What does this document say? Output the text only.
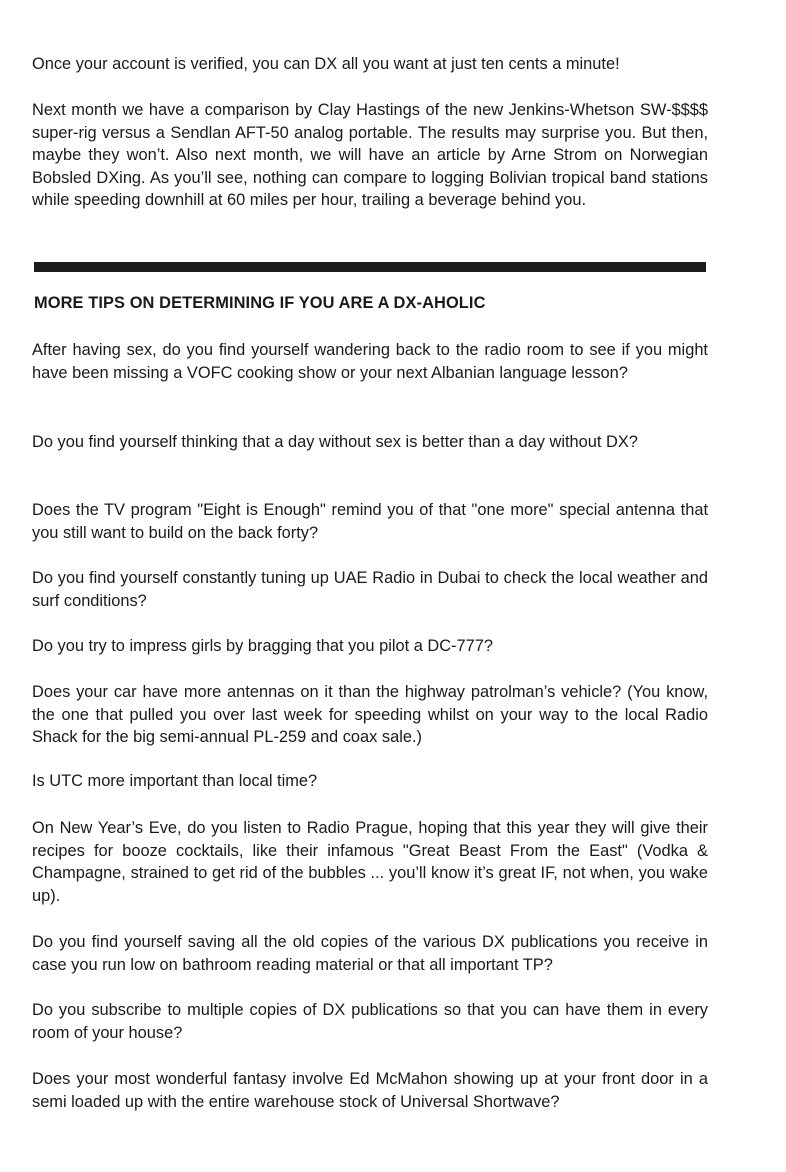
Once your account is verified, you can DX all you want at just ten cents a minute!

Next month we have a comparison by Clay Hastings of the new Jenkins-Whetson SW-$$$$ super-rig versus a Sendlan AFT-50 analog portable. The results may surprise you. But then, maybe they won’t. Also next month, we will have an article by Arne Strom on Norwegian Bobsled DXing. As you’ll see, nothing can compare to logging Bolivian tropical band stations while speeding downhill at 60 miles per hour, trailing a beverage behind you.

MORE TIPS ON DETERMINING IF YOU ARE A DX-AHOLIC

After having sex, do you find yourself wandering back to the radio room to see if you might have been missing a VOFC cooking show or your next Albanian language lesson?

Do you find yourself thinking that a day without sex is better than a day without DX?

Does the TV program "Eight is Enough" remind you of that "one more" special antenna that you still want to build on the back forty?

Do you find yourself constantly tuning up UAE Radio in Dubai to check the local weather and surf conditions?

Do you try to impress girls by bragging that you pilot a DC-777?

Does your car have more antennas on it than the highway patrolman’s vehicle? (You know, the one that pulled you over last week for speeding whilst on your way to the local Radio Shack for the big semi-annual PL-259 and coax sale.)

Is UTC more important than local time?

On New Year’s Eve, do you listen to Radio Prague, hoping that this year they will give their recipes for booze cocktails, like their infamous "Great Beast From the East" (Vodka & Champagne, strained to get rid of the bubbles ... you’ll know it’s great IF, not when, you wake up).

Do you find yourself saving all the old copies of the various DX publications you receive in case you run low on bathroom reading material or that all important TP?

Do you subscribe to multiple copies of DX publications so that you can have them in every room of your house?

Does your most wonderful fantasy involve Ed McMahon showing up at your front door in a semi loaded up with the entire warehouse stock of Universal Shortwave?
